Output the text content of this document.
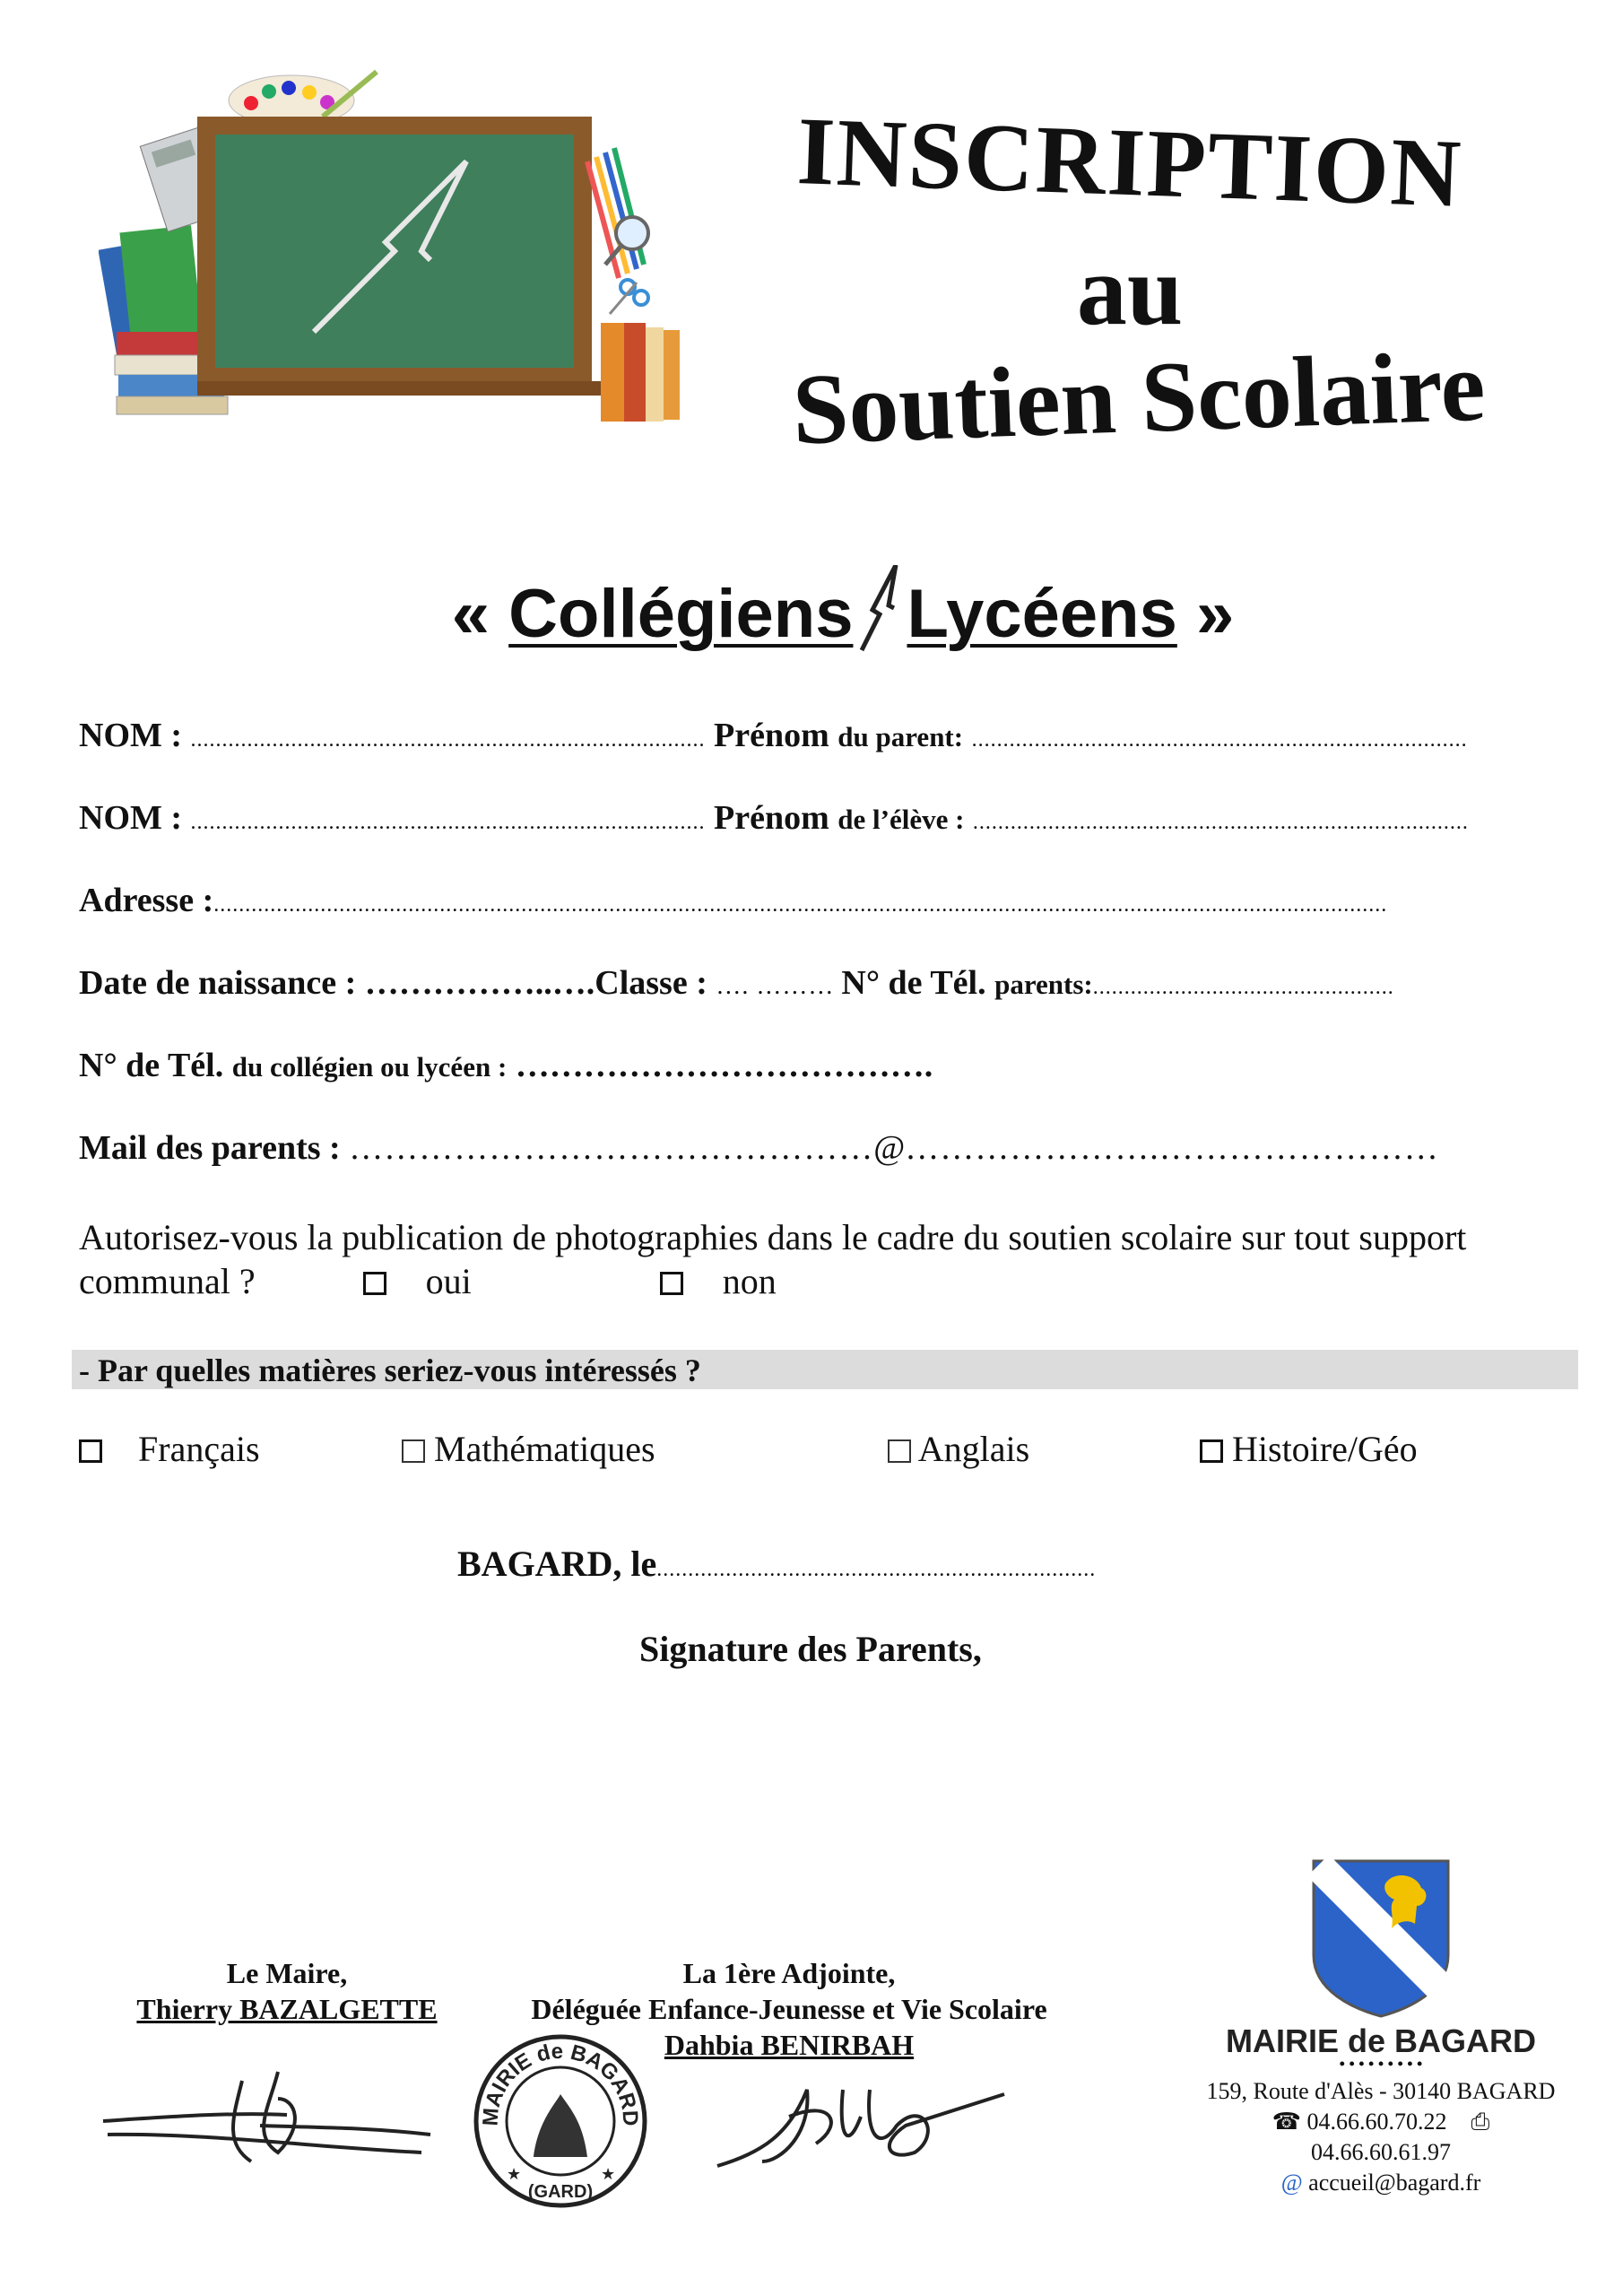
INSCRIPTION
au
Soutien Scolaire
« Collégiens Lycéens »
NOM : .................................................................................. Prénom du parent: ...............................................................................
NOM : .................................................................................. Prénom de l’élève : ...............................................................................
Adresse :...........................................................................................................................................................................................
Date de naissance : ……………..….Classe : …. ……… N° de Tél. parents:................................................
N° de Tél. du collégien ou lycéen : ……………………………….
Mail des parents : ………………………………………@………………….……………………
Autorisez-vous la publication de photographies dans le cadre du soutien scolaire sur tout support
communal ?	oui	non
- Par quelles matières seriez-vous intéressés ?
Français	Mathématiques	Anglais	Histoire/Géo
BAGARD, le......................................................................
Signature des Parents,
Le Maire,
Thierry BAZALGETTE
MAIRIE de BAGARD
(GARD)
★	★
La 1ère Adjointe,
Déléguée Enfance-Jeunesse et Vie Scolaire
Dahbia BENIRBAH	MAIRIE de BAGARD
• • • • • • • • •
159, Route d'Alès - 30140 BAGARD
☎ 04.66.60.70.22 ⎙ 04.66.60.61.97
@ accueil@bagard.fr
